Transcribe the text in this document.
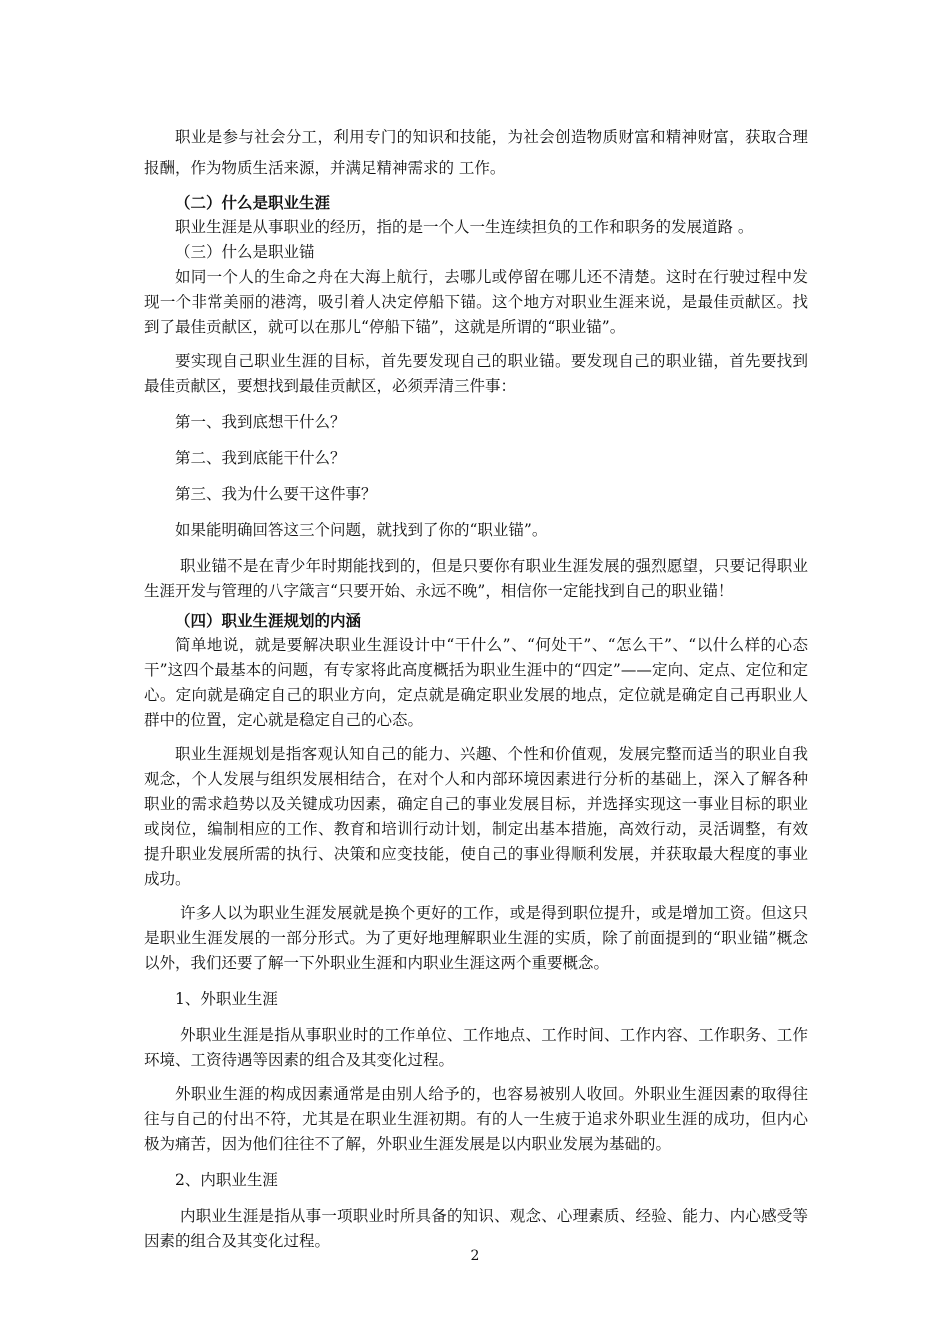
职业是参与社会分工，利用专门的知识和技能，为社会创造物质财富和精神财富，获取合理报酬，作为物质生活来源，并满足精神需求的 工作。

（二）什么是职业生涯

职业生涯是从事职业的经历，指的是一个人一生连续担负的工作和职务的发展道路 。

（三）什么是职业锚

如同一个人的生命之舟在大海上航行，去哪儿或停留在哪儿还不清楚。这时在行驶过程中发现一个非常美丽的港湾，吸引着人决定停船下锚。这个地方对职业生涯来说，是最佳贡献区。找到了最佳贡献区，就可以在那儿“停船下锚”，这就是所谓的“职业锚”。

要实现自己职业生涯的目标，首先要发现自己的职业锚。要发现自己的职业锚，首先要找到最佳贡献区，要想找到最佳贡献区，必须弄清三件事：

第一、我到底想干什么？

第二、我到底能干什么？

第三、我为什么要干这件事？

如果能明确回答这三个问题，就找到了你的“职业锚”。

职业锚不是在青少年时期能找到的，但是只要你有职业生涯发展的强烈愿望，只要记得职业生涯开发与管理的八字箴言“只要开始、永远不晚”，相信你一定能找到自己的职业锚！

（四）职业生涯规划的内涵

简单地说，就是要解决职业生涯设计中“干什么”、“何处干”、“怎么干”、“以什么样的心态干”这四个最基本的问题，有专家将此高度概括为职业生涯中的“四定”——定向、定点、定位和定心。定向就是确定自己的职业方向，定点就是确定职业发展的地点，定位就是确定自己再职业人群中的位置，定心就是稳定自己的心态。

职业生涯规划是指客观认知自己的能力、兴趣、个性和价值观，发展完整而适当的职业自我观念，个人发展与组织发展相结合，在对个人和内部环境因素进行分析的基础上，深入了解各种职业的需求趋势以及关键成功因素，确定自己的事业发展目标，并选择实现这一事业目标的职业或岗位，编制相应的工作、教育和培训行动计划，制定出基本措施，高效行动，灵活调整，有效提升职业发展所需的执行、决策和应变技能，使自己的事业得顺利发展，并获取最大程度的事业成功。

许多人以为职业生涯发展就是换个更好的工作，或是得到职位提升，或是增加工资。但这只是职业生涯发展的一部分形式。为了更好地理解职业生涯的实质，除了前面提到的“职业锚”概念以外，我们还要了解一下外职业生涯和内职业生涯这两个重要概念。

1、外职业生涯

外职业生涯是指从事职业时的工作单位、工作地点、工作时间、工作内容、工作职务、工作环境、工资待遇等因素的组合及其变化过程。

外职业生涯的构成因素通常是由别人给予的，也容易被别人收回。外职业生涯因素的取得往往与自己的付出不符，尤其是在职业生涯初期。有的人一生疲于追求外职业生涯的成功，但内心极为痛苦，因为他们往往不了解，外职业生涯发展是以内职业发展为基础的。

2、内职业生涯

内职业生涯是指从事一项职业时所具备的知识、观念、心理素质、经验、能力、内心感受等因素的组合及其变化过程。

2
